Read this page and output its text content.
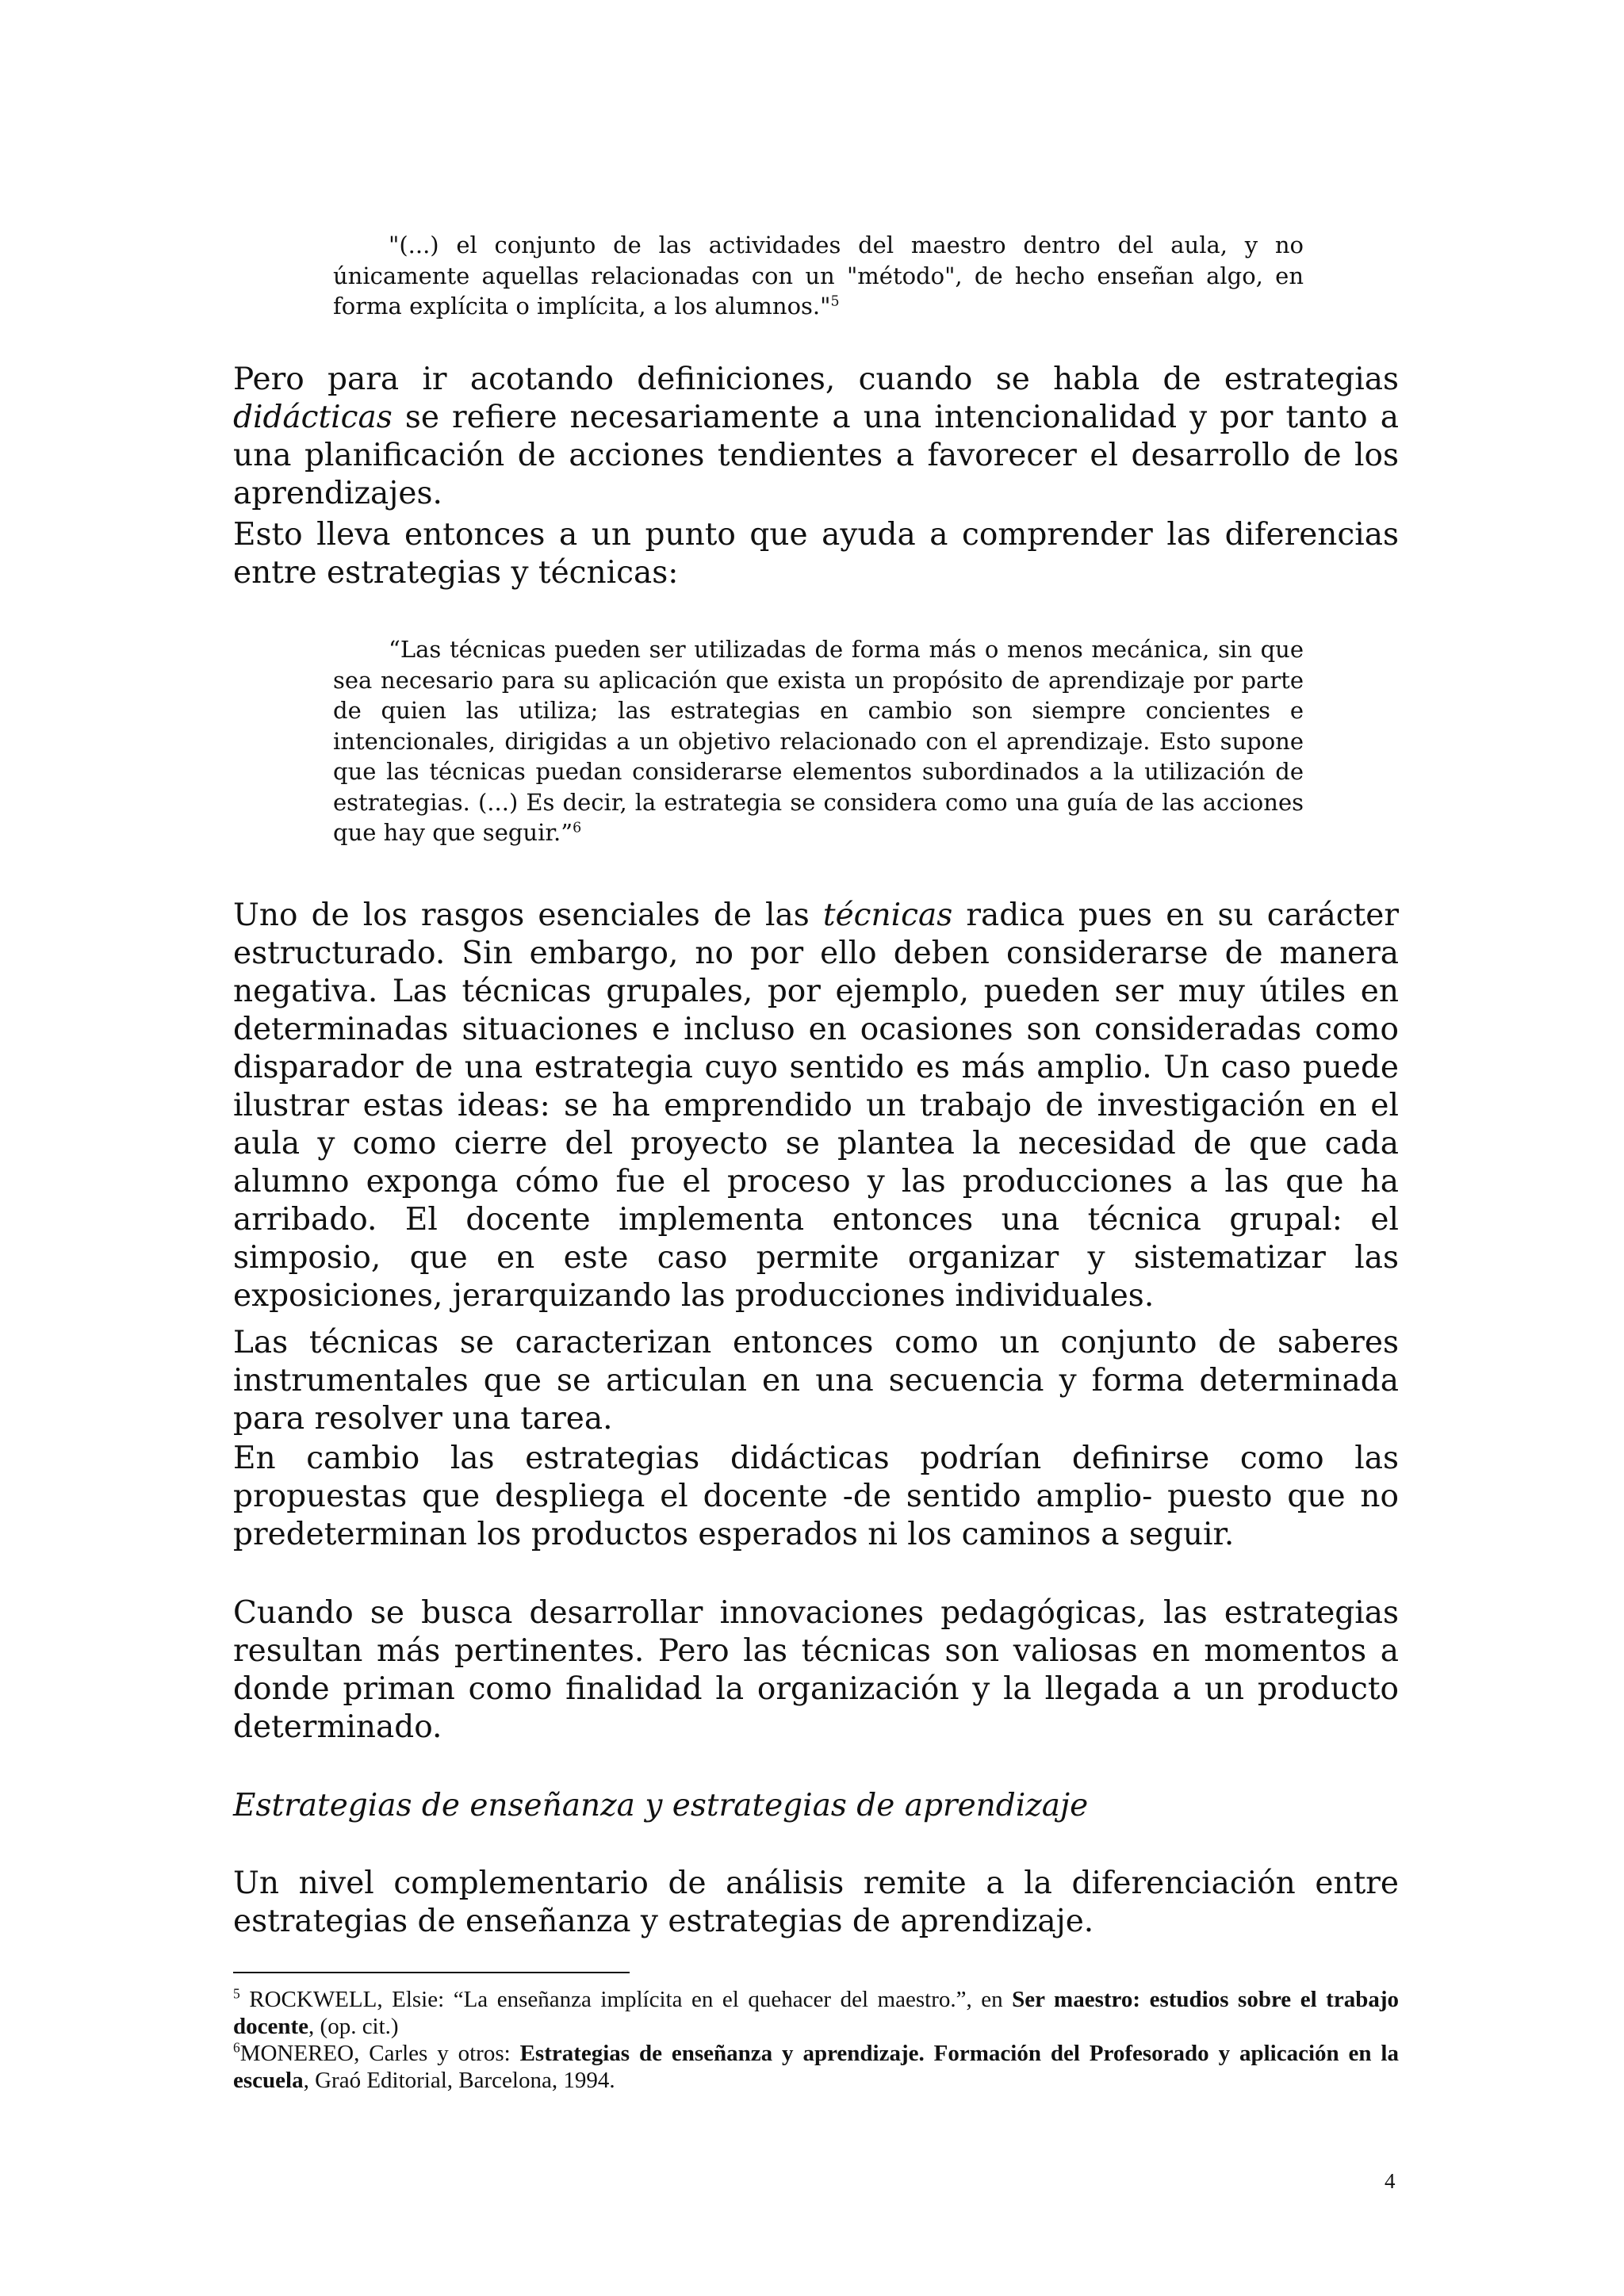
"(...) el conjunto de las actividades del maestro dentro del aula, y no únicamente aquellas relacionadas con un "método", de hecho enseñan algo, en forma explícita o implícita, a los alumnos."$^5$

Pero para ir acotando definiciones, cuando se habla de estrategias didácticas se refiere necesariamente a una intencionalidad y por tanto a una planificación de acciones tendientes a favorecer el desarrollo de los aprendizajes.

Esto lleva entonces a un punto que ayuda a comprender las diferencias entre estrategias y técnicas:

“Las técnicas pueden ser utilizadas de forma más o menos mecánica, sin que sea necesario para su aplicación que exista un propósito de aprendizaje por parte de quien las utiliza; las estrategias en cambio son siempre concientes e intencionales, dirigidas a un objetivo relacionado con el aprendizaje. Esto supone que las técnicas puedan considerarse elementos subordinados a la utilización de estrategias. (...) Es decir, la estrategia se considera como una guía de las acciones que hay que seguir.”$^6$

Uno de los rasgos esenciales de las técnicas radica pues en su carácter estructurado. Sin embargo, no por ello deben considerarse de manera negativa. Las técnicas grupales, por ejemplo, pueden ser muy útiles en determinadas situaciones e incluso en ocasiones son consideradas como disparador de una estrategia cuyo sentido es más amplio. Un caso puede ilustrar estas ideas: se ha emprendido un trabajo de investigación en el aula y como cierre del proyecto se plantea la necesidad de que cada alumno exponga cómo fue el proceso y las producciones a las que ha arribado. El docente implementa entonces una técnica grupal: el simposio, que en este caso permite organizar y sistematizar las exposiciones, jerarquizando las producciones individuales.

Las técnicas se caracterizan entonces como un conjunto de saberes instrumentales que se articulan en una secuencia y forma determinada para resolver una tarea.

En cambio las estrategias didácticas podrían definirse como las propuestas que despliega el docente -de sentido amplio- puesto que no predeterminan los productos esperados ni los caminos a seguir.

Cuando se busca desarrollar innovaciones pedagógicas, las estrategias resultan más pertinentes. Pero las técnicas son valiosas en momentos a donde priman como finalidad la organización y la llegada a un producto determinado.

Estrategias de enseñanza y estrategias de aprendizaje

Un nivel complementario de análisis remite a la diferenciación entre estrategias de enseñanza y estrategias de aprendizaje.

$^5$ ROCKWELL, Elsie: “La enseñanza implícita en el quehacer del maestro.”, en Ser maestro: estudios sobre el trabajo docente, (op. cit.)

$^6$MONEREO, Carles y otros: Estrategias de enseñanza y aprendizaje. Formación del Profesorado y aplicación en la escuela, Graó Editorial, Barcelona, 1994.

4
